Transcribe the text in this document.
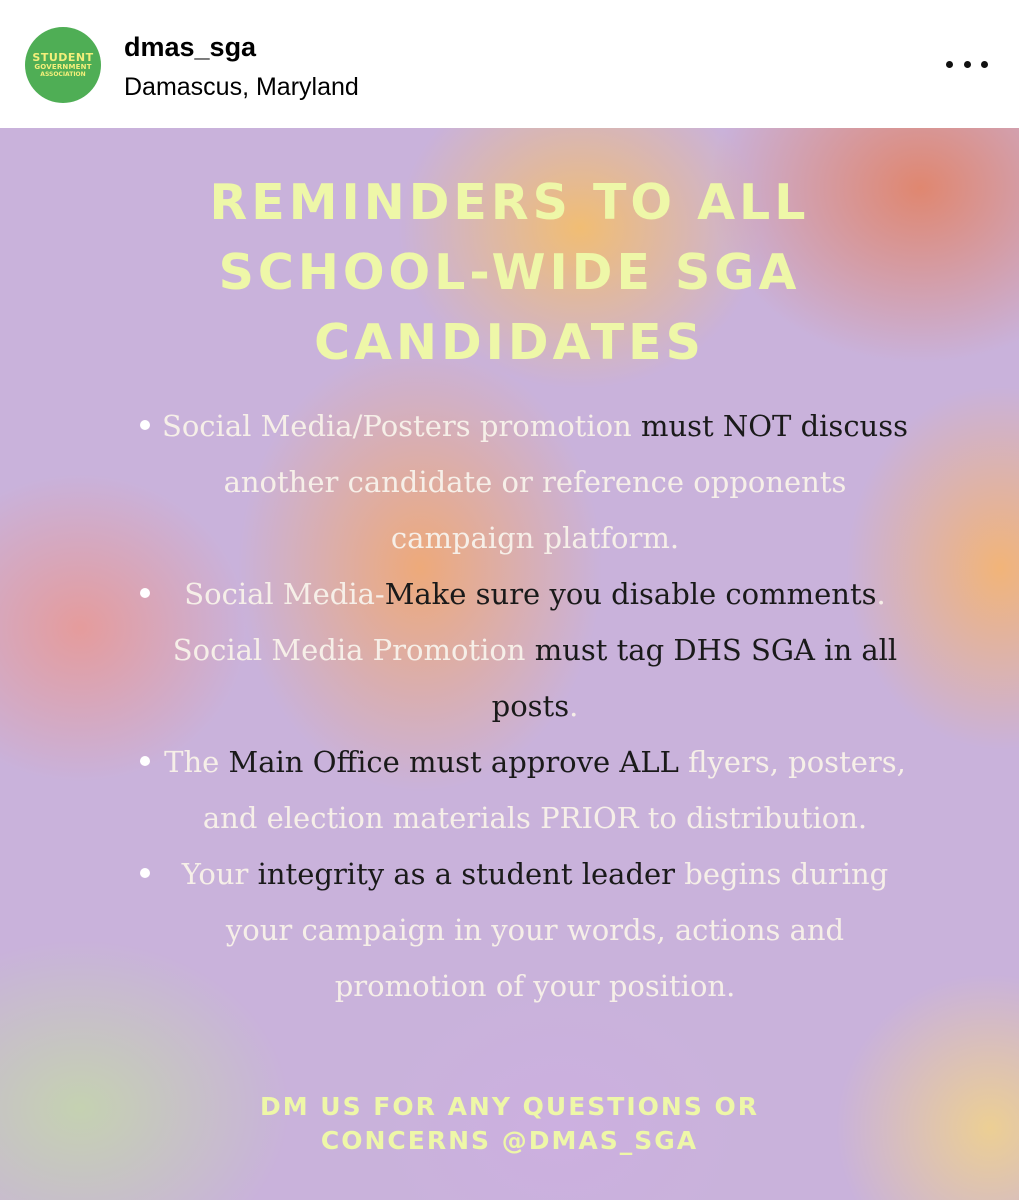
STUDENT
GOVERNMENT
ASSOCIATION
dmas_sga
Damascus, Maryland
REMINDERS TO ALL
SCHOOL-WIDE SGA
CANDIDATES
Social Media/Posters promotion must NOT discuss another candidate or reference opponents campaign platform.
Social Media-Make sure you disable comments. Social Media Promotion must tag DHS SGA in all posts.
The Main Office must approve ALL flyers, posters, and election materials PRIOR to distribution.
Your integrity as a student leader begins during your campaign in your words, actions and promotion of your position.
DM US FOR ANY QUESTIONS OR
CONCERNS @DMAS_SGA
